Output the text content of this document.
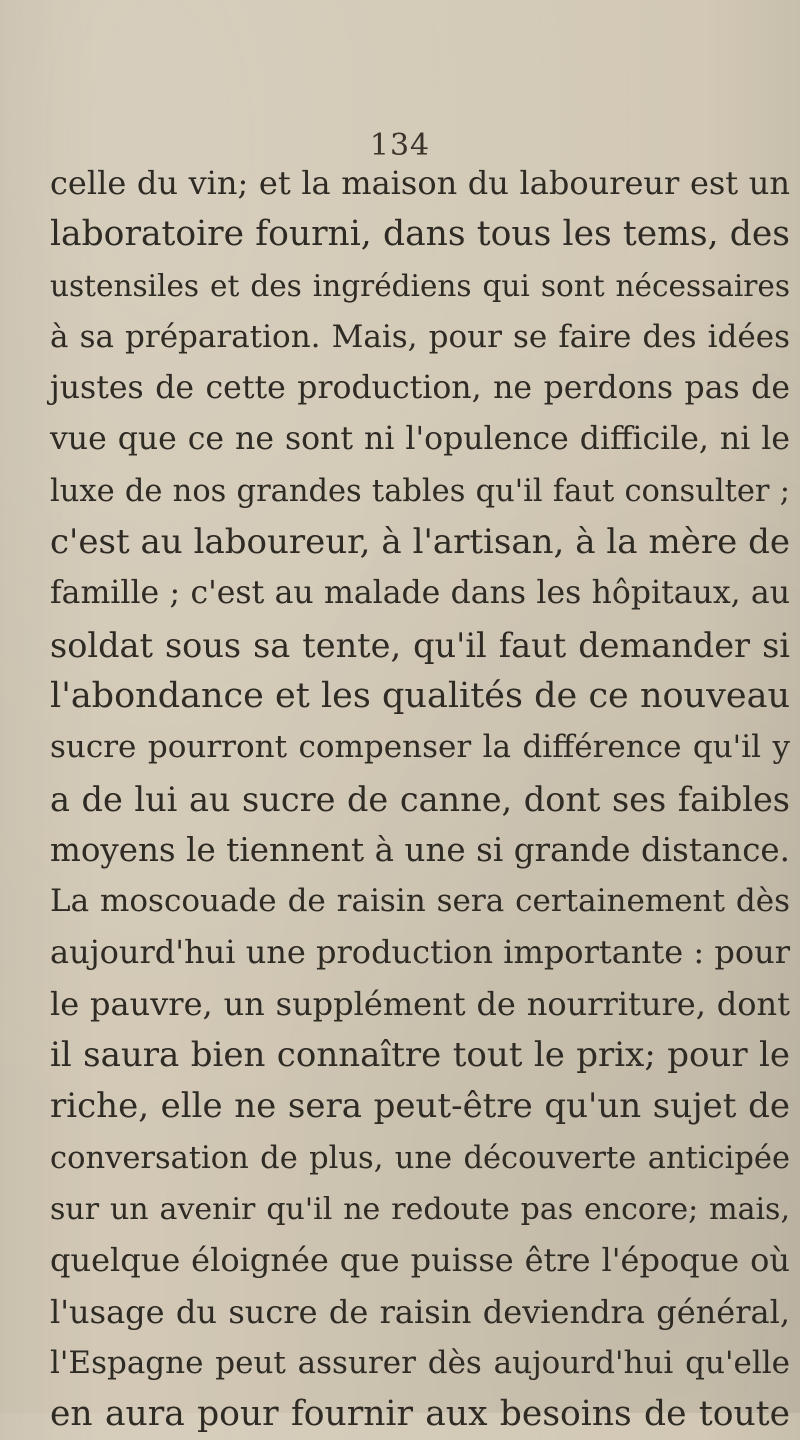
134
celle du vin; et la maison du laboureur est un
laboratoire fourni, dans tous les tems, des
ustensiles et des ingrédiens qui sont nécessaires
à sa préparation. Mais, pour se faire des idées
justes de cette production, ne perdons pas de
vue que ce ne sont ni l'opulence difficile, ni le
luxe de nos grandes tables qu'il faut consulter ;
c'est au laboureur, à l'artisan, à la mère de
famille ; c'est au malade dans les hôpitaux, au
soldat sous sa tente, qu'il faut demander si
l'abondance et les qualités de ce nouveau
sucre pourront compenser la différence qu'il y
a de lui au sucre de canne, dont ses faibles
moyens le tiennent à une si grande distance.
La moscouade de raisin sera certainement dès
aujourd'hui une production importante : pour
le pauvre, un supplément de nourriture, dont
il saura bien connaître tout le prix; pour le
riche, elle ne sera peut-être qu'un sujet de
conversation de plus, une découverte anticipée
sur un avenir qu'il ne redoute pas encore; mais,
quelque éloignée que puisse être l'époque où
l'usage du sucre de raisin deviendra général,
l'Espagne peut assurer dès aujourd'hui qu'elle
en aura pour fournir aux besoins de toute
